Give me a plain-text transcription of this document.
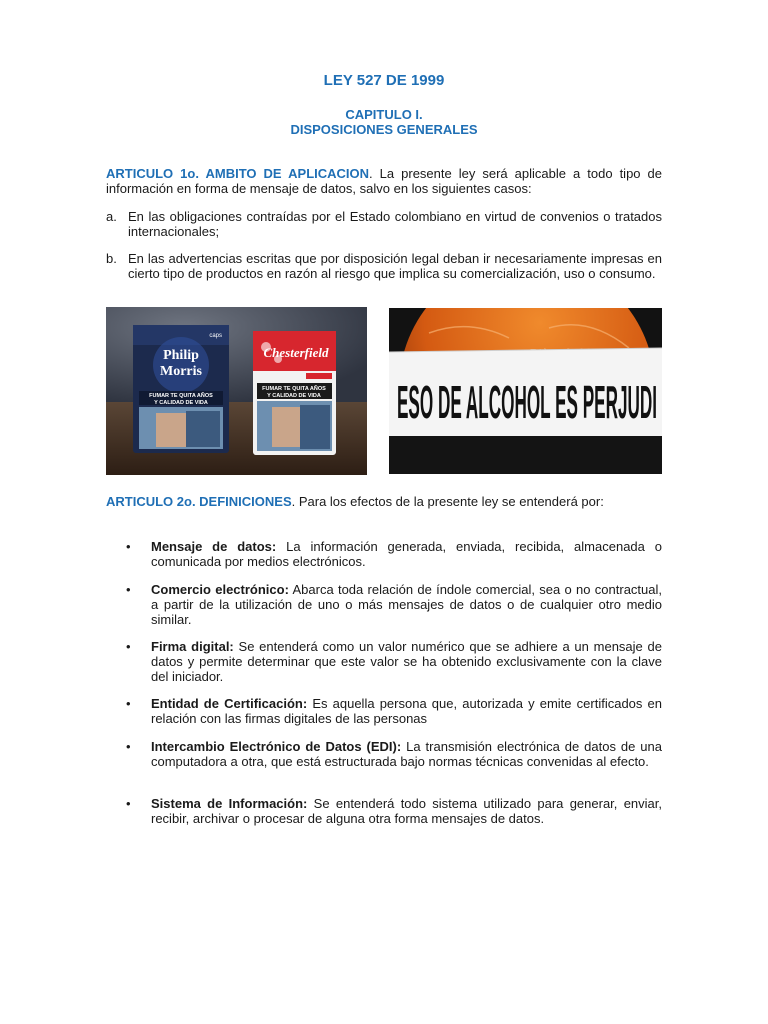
LEY 527 DE 1999
CAPITULO I.
DISPOSICIONES GENERALES

ARTICULO 1o. AMBITO DE APLICACION. La presente ley será aplicable a todo tipo de información en forma de mensaje de datos, salvo en los siguientes casos:

a. En las obligaciones contraídas por el Estado colombiano en virtud de convenios o tratados internacionales;
b. En las advertencias escritas que por disposición legal deban ir necesariamente impresas en cierto tipo de productos en razón al riesgo que implica su comercialización, uso o consumo.
Philip
Morris
caps
FUMAR TE QUITA AÑOS
Y CALIDAD DE VIDA
Chesterfield
FUMAR TE QUITA AÑOS
Y CALIDAD DE VIDA ESO DE ALCOHOL ES PERJUDI

ARTICULO 2o. DEFINICIONES. Para los efectos de la presente ley se entenderá por:

• Mensaje de datos: La información generada, enviada, recibida, almacenada o comunicada por medios electrónicos.
• Comercio electrónico: Abarca toda relación de índole comercial, sea o no contractual, a partir de la utilización de uno o más mensajes de datos o de cualquier otro medio similar.
• Firma digital: Se entenderá como un valor numérico que se adhiere a un mensaje de datos y permite determinar que este valor se ha obtenido exclusivamente con la clave del iniciador.
• Entidad de Certificación: Es aquella persona que, autorizada y emite certificados en relación con las firmas digitales de las personas
• Intercambio Electrónico de Datos (EDI): La transmisión electrónica de datos de una computadora a otra, que está estructurada bajo normas técnicas convenidas al efecto.
• Sistema de Información: Se entenderá todo sistema utilizado para generar, enviar, recibir, archivar o procesar de alguna otra forma mensajes de datos.
